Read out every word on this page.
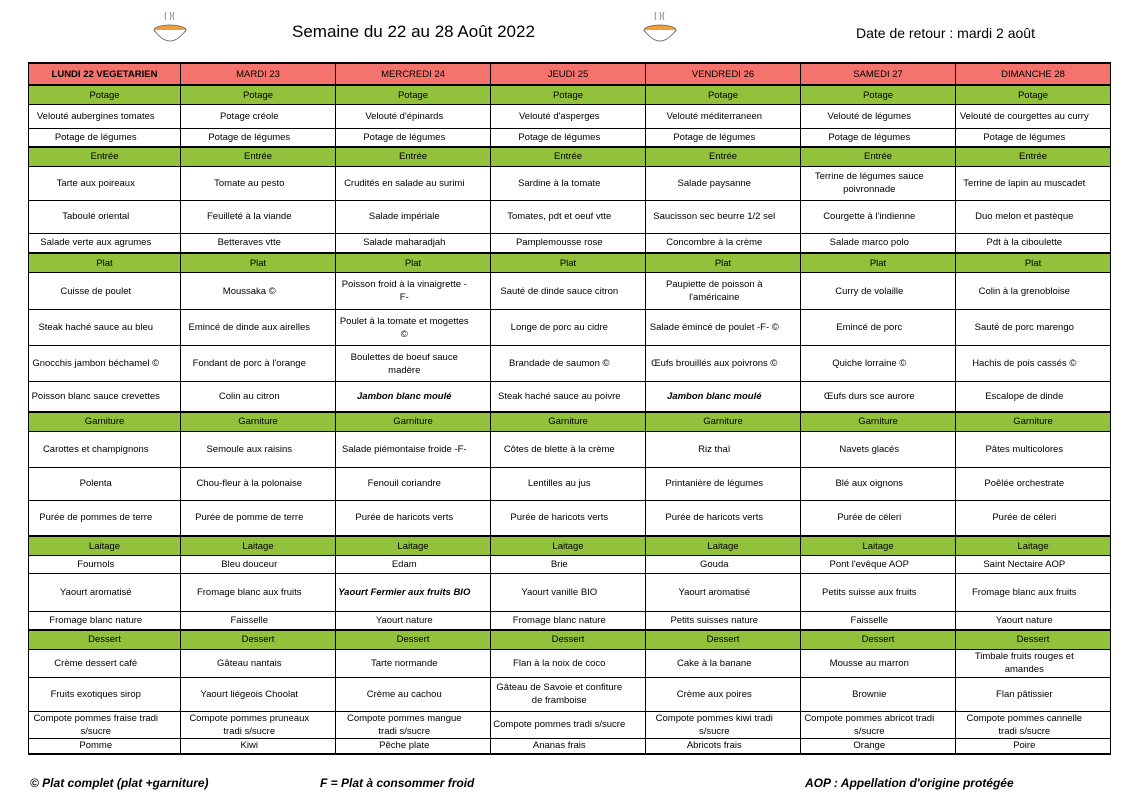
Semaine du 22 au 28 Août 2022	Date de retour : mardi 2 août
LUNDI 22 VEGETARIEN		MARDI 23		MERCREDI 24		JEUDI 25		VENDREDI 26		SAMEDI 27		DIMANCHE 28	
Potage		Potage		Potage		Potage		Potage		Potage		Potage	
Velouté aubergines tomates		Potage créole		Velouté d'épinards		Velouté d'asperges		Velouté méditerraneen		Velouté de légumes		Velouté de courgettes au curry	
Potage de légumes		Potage de légumes		Potage de légumes		Potage de légumes		Potage de légumes		Potage de légumes		Potage de légumes	
Entrée		Entrée		Entrée		Entrée		Entrée		Entrée		Entrée	
Tarte aux poireaux		Tomate au pesto		Crudités en salade au surimi		Sardine à la tomate		Salade paysanne		Terrine de légumes sauce poivronnade		Terrine de lapin au muscadet	
Taboulé oriental		Feuilleté à la viande		Salade impériale		Tomates, pdt et oeuf vtte		Saucisson sec beurre 1/2 sel		Courgette à l'indienne		Duo melon et pastèque	
Salade verte aux agrumes		Betteraves vtte		Salade maharadjah		Pamplemousse rose		Concombre à la crème		Salade marco polo		Pdt à la ciboulette	
Plat		Plat		Plat		Plat		Plat		Plat		Plat	
Cuisse de poulet		Moussaka ©		Poisson froid à la vinaigrette -F-		Sauté de dinde sauce citron		Paupiette de poisson à l'américaine		Curry de volaille		Colin à la grenobloise	
Steak haché sauce au bleu		Emincé de dinde aux airelles		Poulet à la tomate et mogettes ©		Longe de porc au cidre		Salade émincé de poulet -F- ©		Emincé de porc		Sauté de porc marengo	
Gnocchis jambon béchamel ©		Fondant de porc à l'orange		Boulettes de boeuf sauce madère		Brandade de saumon ©		Œufs brouillés aux poivrons ©		Quiche lorraine ©		Hachis de pois cassés ©	
Poisson blanc sauce crevettes		Colin au citron		Jambon blanc moulé		Steak haché sauce au poivre		Jambon blanc moulé		Œufs durs sce aurore		Escalope de dinde	
Garniture		Garniture		Garniture		Garniture		Garniture		Garniture		Garniture	
Carottes et champignons		Semoule aux raisins		Salade piémontaise froide -F-		Côtes de blette à la crème		Riz thaï		Navets glacés		Pâtes multicolores	
Polenta		Chou-fleur à la polonaise		Fenouil coriandre		Lentilles au jus		Printanière de légumes		Blé aux oignons		Poêlée orchestrate	
Purée de pommes de terre		Purée de pomme de terre		Purée de haricots verts		Purée de haricots verts		Purée de haricots verts		Purée de céleri		Purée de céleri	
Laitage		Laitage		Laitage		Laitage		Laitage		Laitage		Laitage	
Fournols		Bleu douceur		Edam		Brie		Gouda		Pont l'evêque AOP		Saint Nectaire AOP	
Yaourt aromatisé		Fromage blanc aux fruits		Yaourt Fermier aux fruits BIO		Yaourt vanille BIO		Yaourt aromatisé		Petits suisse aux fruits		Fromage blanc aux fruits	
Fromage blanc nature		Faisselle		Yaourt nature		Fromage blanc nature		Petits suisses nature		Faisselle		Yaourt nature	
Dessert		Dessert		Dessert		Dessert		Dessert		Dessert		Dessert	
Crème dessert café		Gâteau nantais		Tarte normande		Flan à la noix de coco		Cake à la banane		Mousse au marron		Timbale fruits rouges et amandes	
Fruits exotiques sirop		Yaourt liégeois Choolat		Crème au cachou		Gâteau de Savoie et confiture de framboise		Crème aux poires		Brownie		Flan pâtissier	
Compote pommes fraise tradi s/sucre		Compote pommes pruneaux tradi s/sucre		Compote pommes mangue tradi s/sucre		Compote pommes tradi s/sucre		Compote pommes kiwi tradi s/sucre		Compote pommes abricot tradi s/sucre		Compote pommes cannelle tradi s/sucre	
Pomme		Kiwi		Pêche plate		Ananas frais		Abricots frais		Orange		Poire	
© Plat complet (plat +garniture)	F = Plat à consommer froid	AOP : Appellation d'origine protégée
